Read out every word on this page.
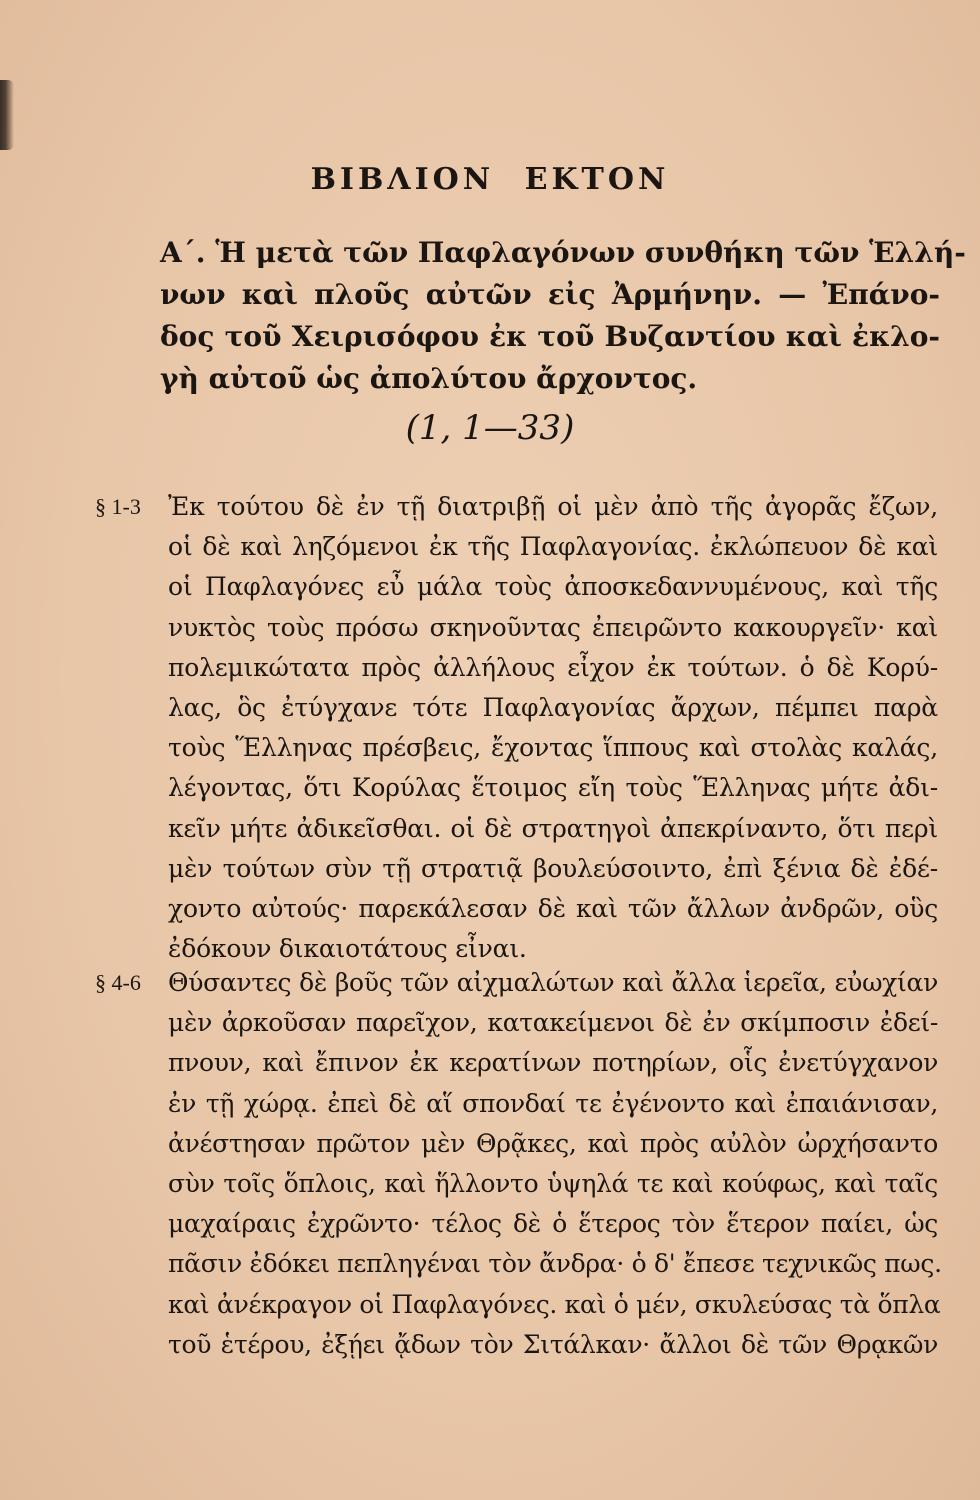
ΒΙΒΛΙΟΝ ΕΚΤΟΝ
Α΄. Ἡ μετὰ τῶν Παφλαγόνων συνθήκη τῶν Ἑλλή-
νων καὶ πλοῦς αὐτῶν εἰς Ἀρμήνην. — Ἐπάνο-
δος τοῦ Χειρισόφου ἐκ τοῦ Βυζαντίου καὶ ἐκλο-
γὴ αὐτοῦ ὡς ἀπολύτου ἄρχοντος.
(1, 1—33)
§ 1-3 Ἐκ τούτου δὲ ἐν τῇ διατριβῇ οἱ μὲν ἀπὸ τῆς ἀγορᾶς ἔζων,
οἱ δὲ καὶ ληζόμενοι ἐκ τῆς Παφλαγονίας. ἐκλώπευον δὲ καὶ
οἱ Παφλαγόνες εὖ μάλα τοὺς ἀποσκεδαννυμένους, καὶ τῆς
νυκτὸς τοὺς πρόσω σκηνοῦντας ἐπειρῶντο κακουργεῖν· καὶ
πολεμικώτατα πρὸς ἀλλήλους εἶχον ἐκ τούτων. ὁ δὲ Κορύ-
λας, ὃς ἐτύγχανε τότε Παφλαγονίας ἄρχων, πέμπει παρὰ
τοὺς Ἕλληνας πρέσβεις, ἔχοντας ἵππους καὶ στολὰς καλάς,
λέγοντας, ὅτι Κορύλας ἕτοιμος εἴη τοὺς Ἕλληνας μήτε ἀδι-
κεῖν μήτε ἀδικεῖσθαι. οἱ δὲ στρατηγοὶ ἀπεκρίναντο, ὅτι περὶ
μὲν τούτων σὺν τῇ στρατιᾷ βουλεύσοιντο, ἐπὶ ξένια δὲ ἐδέ-
χοντο αὐτούς· παρεκάλεσαν δὲ καὶ τῶν ἄλλων ἀνδρῶν, οὓς
ἐδόκουν δικαιοτάτους εἶναι.
§ 4-6 Θύσαντες δὲ βοῦς τῶν αἰχμαλώτων καὶ ἄλλα ἱερεῖα, εὐωχίαν
μὲν ἀρκοῦσαν παρεῖχον, κατακείμενοι δὲ ἐν σκίμποσιν ἐδεί-
πνουν, καὶ ἔπινον ἐκ κερατίνων ποτηρίων, οἷς ἐνετύγχανον
ἐν τῇ χώρᾳ. ἐπεὶ δὲ αἵ σπονδαί τε ἐγένοντο καὶ ἐπαιάνισαν,
ἀνέστησαν πρῶτον μὲν Θρᾷκες, καὶ πρὸς αὐλὸν ὠρχήσαντο
σὺν τοῖς ὅπλοις, καὶ ἥλλοντο ὑψηλά τε καὶ κούφως, καὶ ταῖς
μαχαίραις ἐχρῶντο· τέλος δὲ ὁ ἕτερος τὸν ἕτερον παίει, ὡς
πᾶσιν ἐδόκει πεπληγέναι τὸν ἄνδρα· ὁ δ' ἔπεσε τεχνικῶς πως.
καὶ ἀνέκραγον οἱ Παφλαγόνες. καὶ ὁ μέν, σκυλεύσας τὰ ὅπλα
τοῦ ἑτέρου, ἐξῄει ᾄδων τὸν Σιτάλκαν· ἄλλοι δὲ τῶν Θρᾳκῶν
